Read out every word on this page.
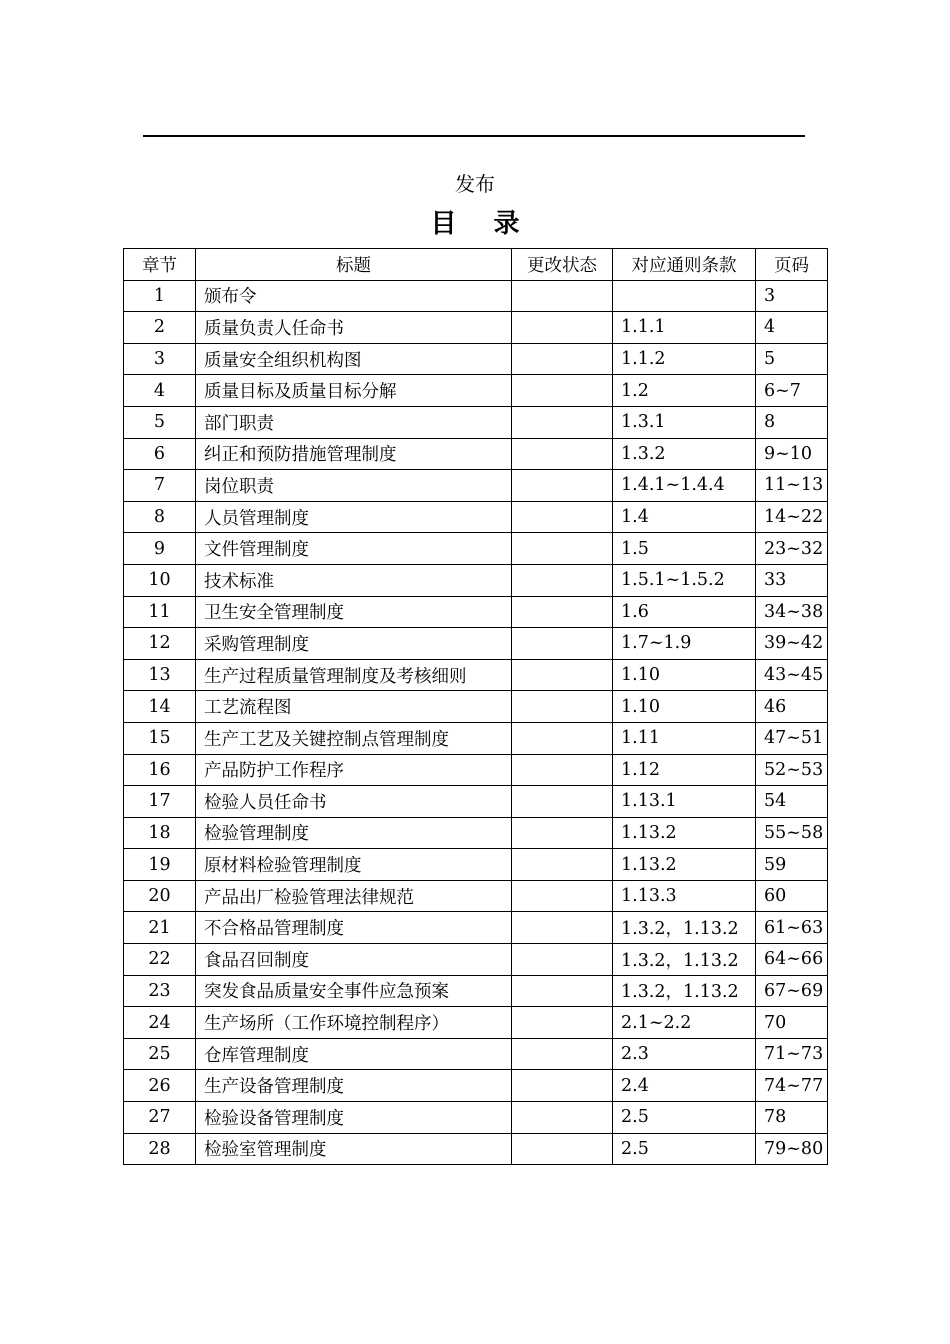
发布
目 录
章节	标题	更改状态	对应通则条款	页码
1	颁布令			3
2	质量负责人任命书		1.1.1	4
3	质量安全组织机构图		1.1.2	5
4	质量目标及质量目标分解		1.2	6~7
5	部门职责		1.3.1	8
6	纠正和预防措施管理制度		1.3.2	9~10
7	岗位职责		1.4.1~1.4.4	11~13
8	人员管理制度		1.4	14~22
9	文件管理制度		1.5	23~32
10	技术标准		1.5.1~1.5.2	33
11	卫生安全管理制度		1.6	34~38
12	采购管理制度		1.7~1.9	39~42
13	生产过程质量管理制度及考核细则		1.10	43~45
14	工艺流程图		1.10	46
15	生产工艺及关键控制点管理制度		1.11	47~51
16	产品防护工作程序		1.12	52~53
17	检验人员任命书		1.13.1	54
18	检验管理制度		1.13.2	55~58
19	原材料检验管理制度		1.13.2	59
20	产品出厂检验管理法律规范		1.13.3	60
21	不合格品管理制度		1.3.2，1.13.2	61~63
22	食品召回制度		1.3.2，1.13.2	64~66
23	突发食品质量安全事件应急预案		1.3.2，1.13.2	67~69
24	生产场所（工作环境控制程序）		2.1~2.2	70
25	仓库管理制度		2.3	71~73
26	生产设备管理制度		2.4	74~77
27	检验设备管理制度		2.5	78
28	检验室管理制度		2.5	79~80
